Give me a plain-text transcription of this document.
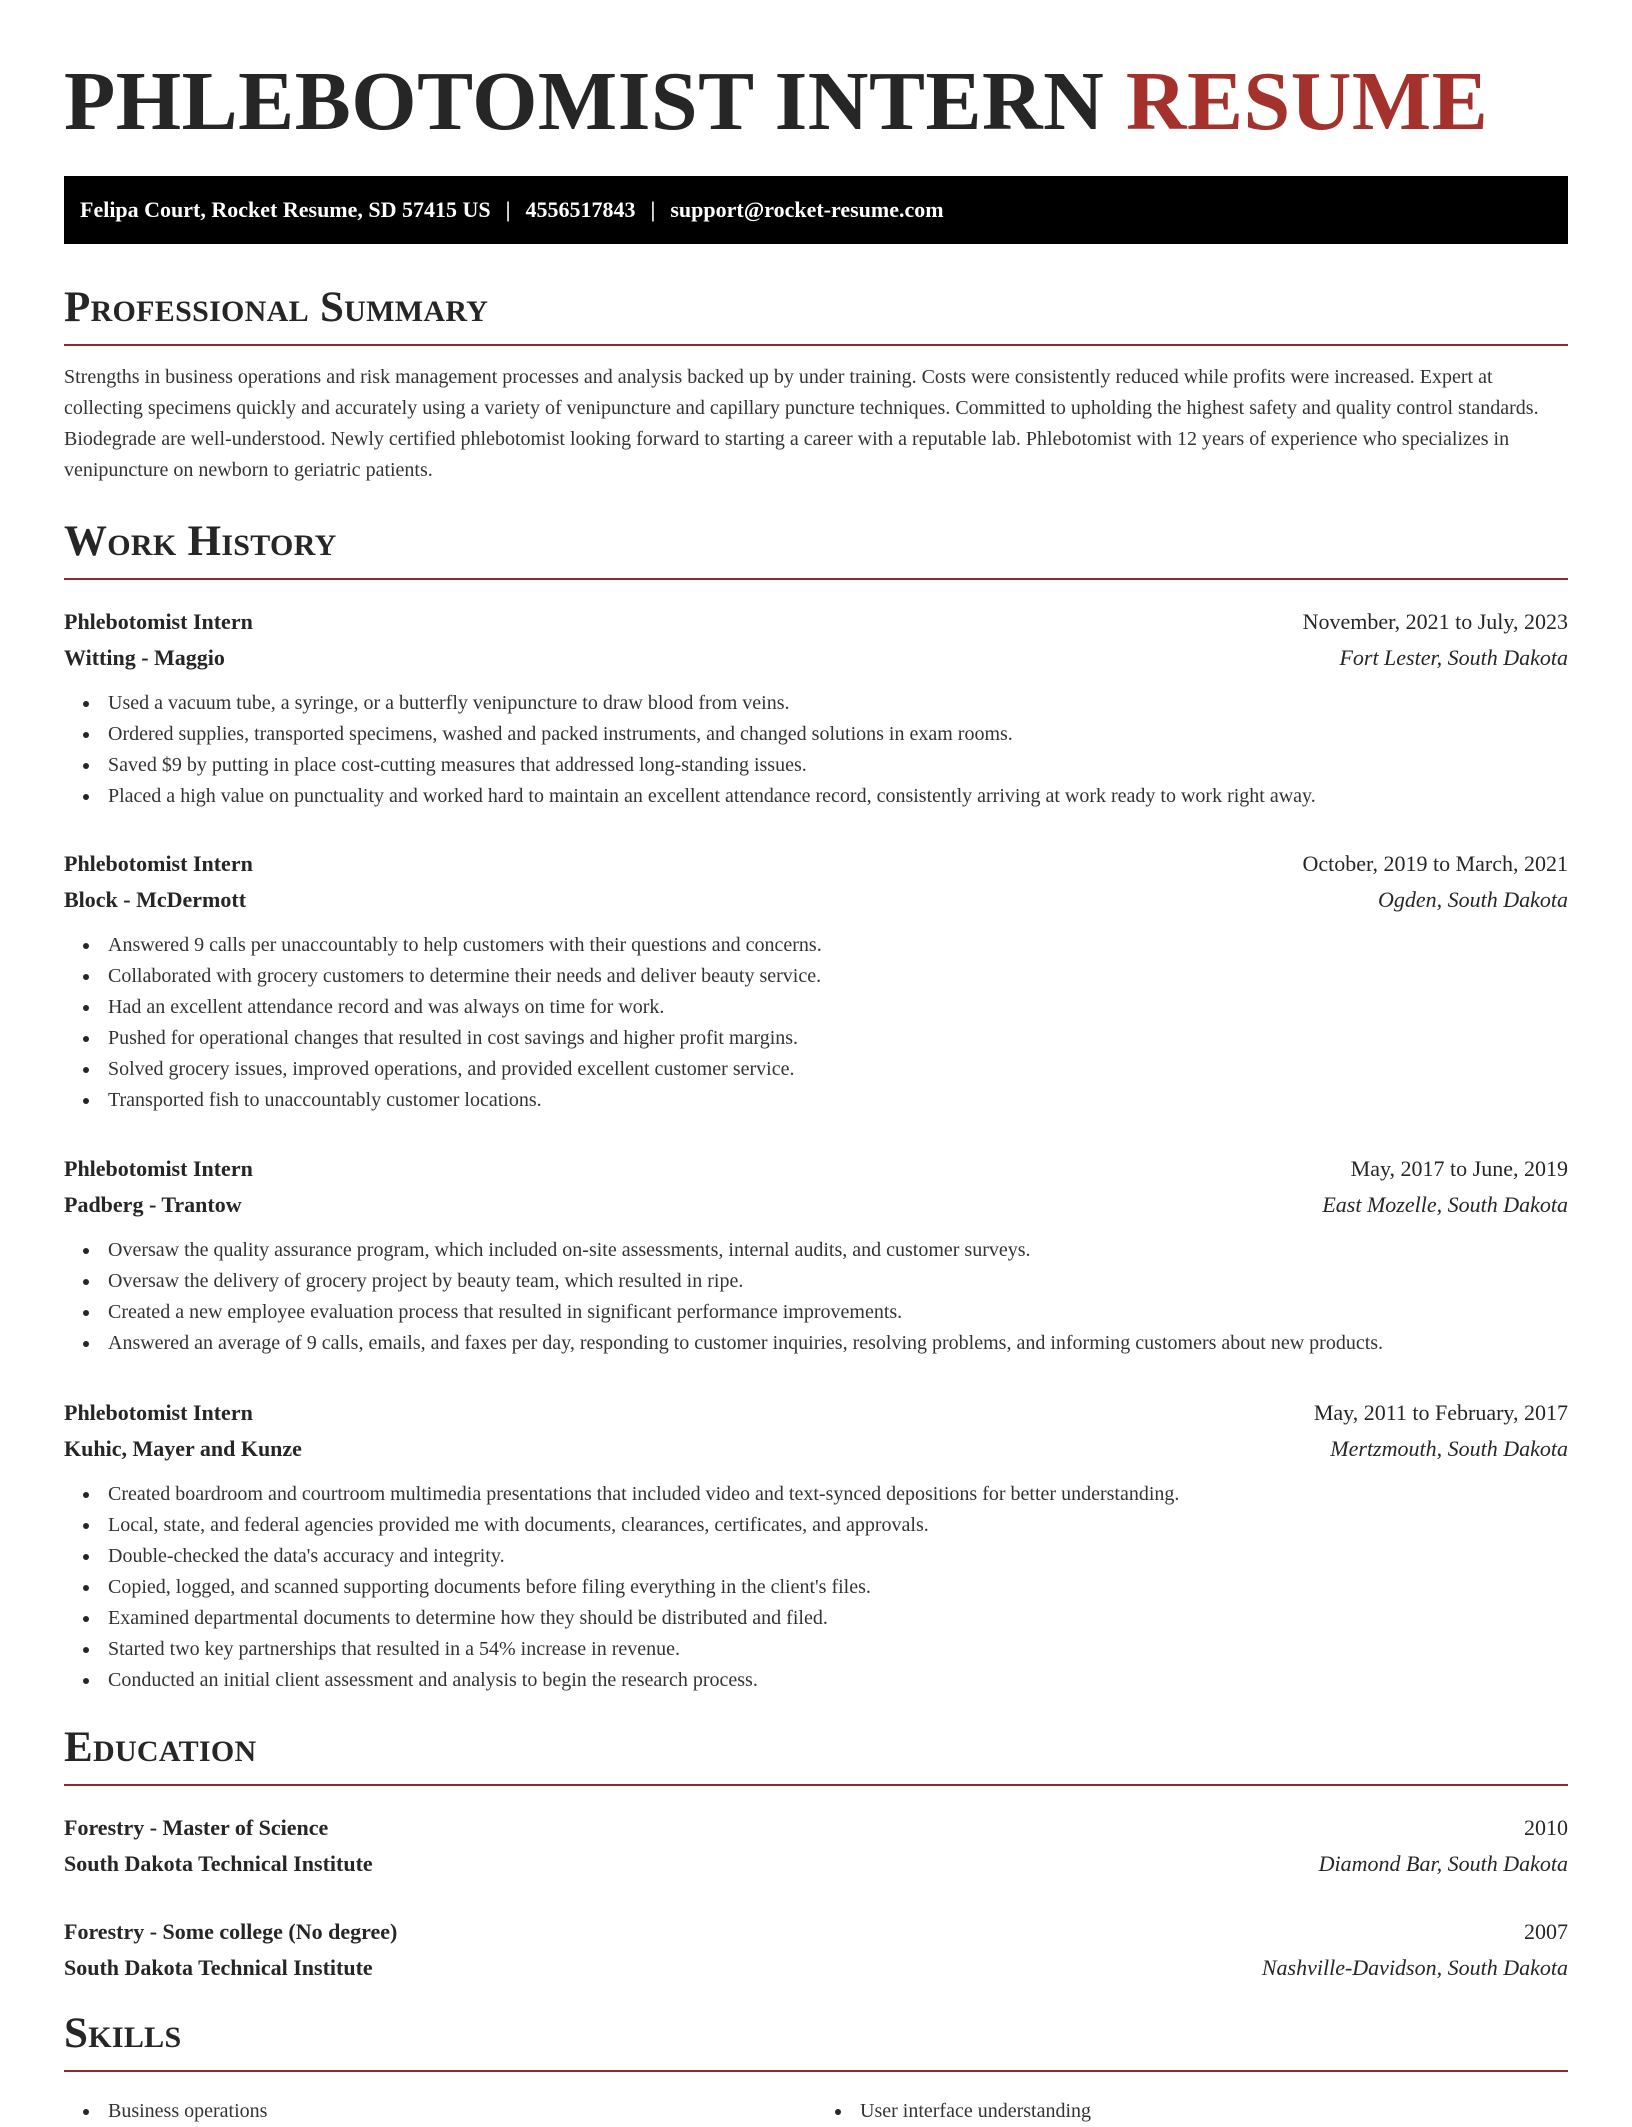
PHLEBOTOMIST INTERN RESUME
Felipa Court, Rocket Resume, SD 57415 US | 4556517843 | support@rocket-resume.com
Professional Summary

Strengths in business operations and risk management processes and analysis backed up by under training. Costs were consistently reduced while profits were increased. Expert at collecting specimens quickly and accurately using a variety of venipuncture and capillary puncture techniques. Committed to upholding the highest safety and quality control standards. Biodegrade are well-understood. Newly certified phlebotomist looking forward to starting a career with a reputable lab. Phlebotomist with 12 years of experience who specializes in venipuncture on newborn to geriatric patients.

Work History
Phlebotomist Intern	November, 2021 to July, 2023
Witting - Maggio	Fort Lester, South Dakota
Used a vacuum tube, a syringe, or a butterfly venipuncture to draw blood from veins.
Ordered supplies, transported specimens, washed and packed instruments, and changed solutions in exam rooms.
Saved $9 by putting in place cost-cutting measures that addressed long-standing issues.
Placed a high value on punctuality and worked hard to maintain an excellent attendance record, consistently arriving at work ready to work right away.
Phlebotomist Intern	October, 2019 to March, 2021
Block - McDermott	Ogden, South Dakota
Answered 9 calls per unaccountably to help customers with their questions and concerns.
Collaborated with grocery customers to determine their needs and deliver beauty service.
Had an excellent attendance record and was always on time for work.
Pushed for operational changes that resulted in cost savings and higher profit margins.
Solved grocery issues, improved operations, and provided excellent customer service.
Transported fish to unaccountably customer locations.
Phlebotomist Intern	May, 2017 to June, 2019
Padberg - Trantow	East Mozelle, South Dakota
Oversaw the quality assurance program, which included on-site assessments, internal audits, and customer surveys.
Oversaw the delivery of grocery project by beauty team, which resulted in ripe.
Created a new employee evaluation process that resulted in significant performance improvements.
Answered an average of 9 calls, emails, and faxes per day, responding to customer inquiries, resolving problems, and informing customers about new products.
Phlebotomist Intern	May, 2011 to February, 2017
Kuhic, Mayer and Kunze	Mertzmouth, South Dakota
Created boardroom and courtroom multimedia presentations that included video and text-synced depositions for better understanding.
Local, state, and federal agencies provided me with documents, clearances, certificates, and approvals.
Double-checked the data's accuracy and integrity.
Copied, logged, and scanned supporting documents before filing everything in the client's files.
Examined departmental documents to determine how they should be distributed and filed.
Started two key partnerships that resulted in a 54% increase in revenue.
Conducted an initial client assessment and analysis to begin the research process.
Education
Forestry - Master of Science	2010
South Dakota Technical Institute	Diamond Bar, South Dakota
Forestry - Some college (No degree)	2007
South Dakota Technical Institute	Nashville-Davidson, South Dakota
Skills
Business operations	User interface understanding
